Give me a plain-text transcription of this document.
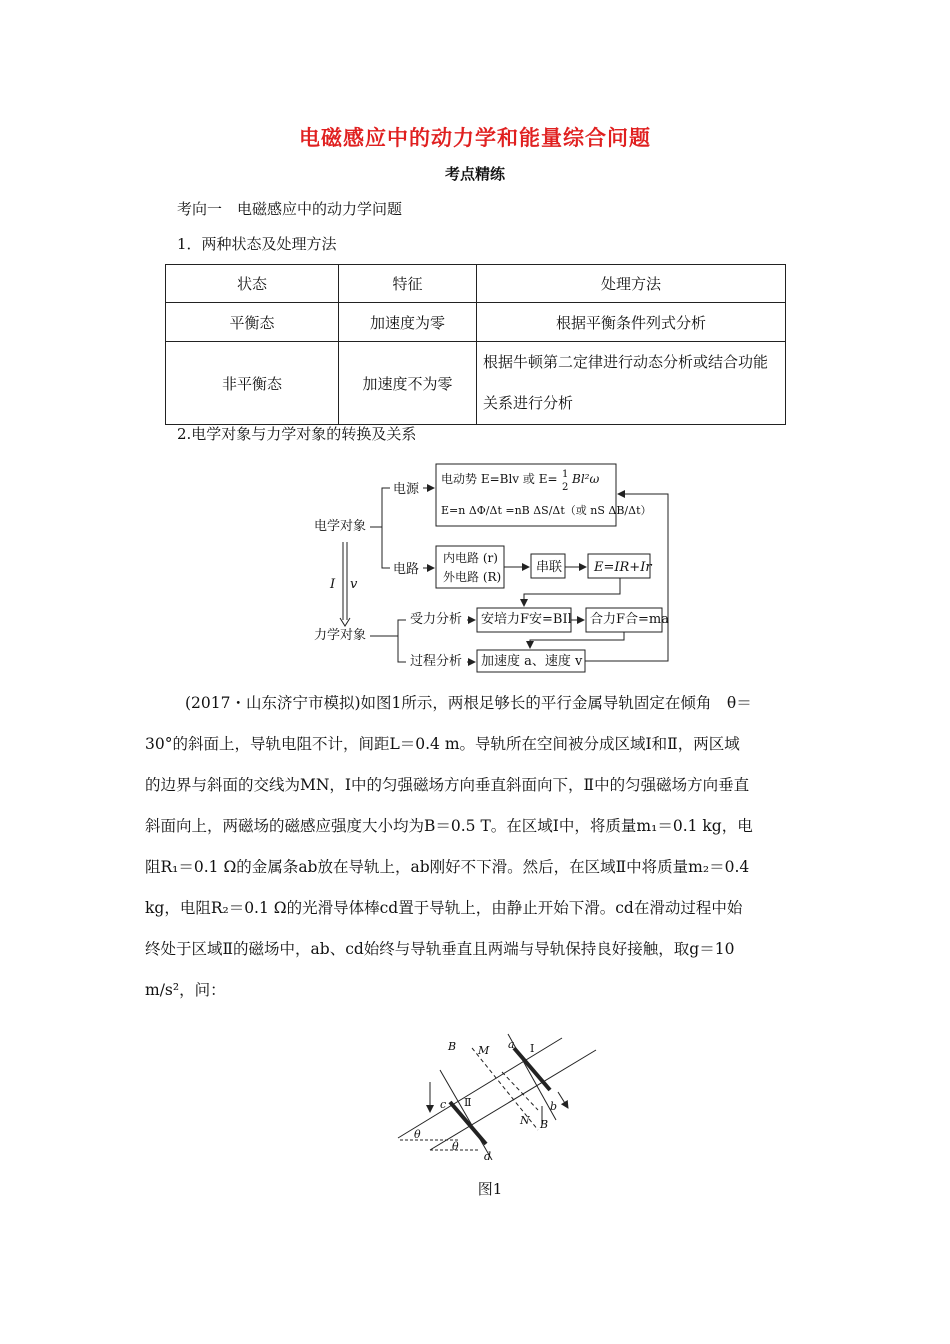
电磁感应中的动力学和能量综合问题
考点精练
考向一　电磁感应中的动力学问题
1．两种状态及处理方法
状态	特征	处理方法
平衡态	加速度为零	根据平衡条件列式分析
非平衡态	加速度不为零	根据牛顿第二定律进行动态分析或结合功能关系进行分析
2.电学对象与力学对象的转换及关系
电学对象
力学对象
电源
电路
电动势 E=Blv 或 E= 1
2
Bl²ω
E=n ΔΦ/Δt =nB ΔS/Δt（或 nS ΔB/Δt）
内电路 (r)
外电路 (R)
串联 E=IR+Ir
受力分析
过程分析
安培力F安=BIl 合力F合=ma
加速度 a、速度 v
I v
(2017・山东济宁市模拟)如图1所示，两根足够长的平行金属导轨固定在倾角　θ＝
30°的斜面上，导轨电阻不计，间距L＝0.4 m。导轨所在空间被分成区域Ⅰ和Ⅱ，两区域
的边界与斜面的交线为MN，Ⅰ中的匀强磁场方向垂直斜面向下，Ⅱ中的匀强磁场方向垂直
斜面向上，两磁场的磁感应强度大小均为B＝0.5 T。在区域Ⅰ中，将质量m₁＝0.1 kg，电
阻R₁＝0.1 Ω的金属条ab放在导轨上，ab刚好不下滑。然后，在区域Ⅱ中将质量m₂＝0.4
kg，电阻R₂＝0.1 Ω的光滑导体棒cd置于导轨上，由静止开始下滑。cd在滑动过程中始
终处于区域Ⅱ的磁场中，ab、cd始终与导轨垂直且两端与导轨保持良好接触，取g＝10
m/s²，问：
B M a Ⅰ
c Ⅱ	b
N
d
B
θ
θ
图1
